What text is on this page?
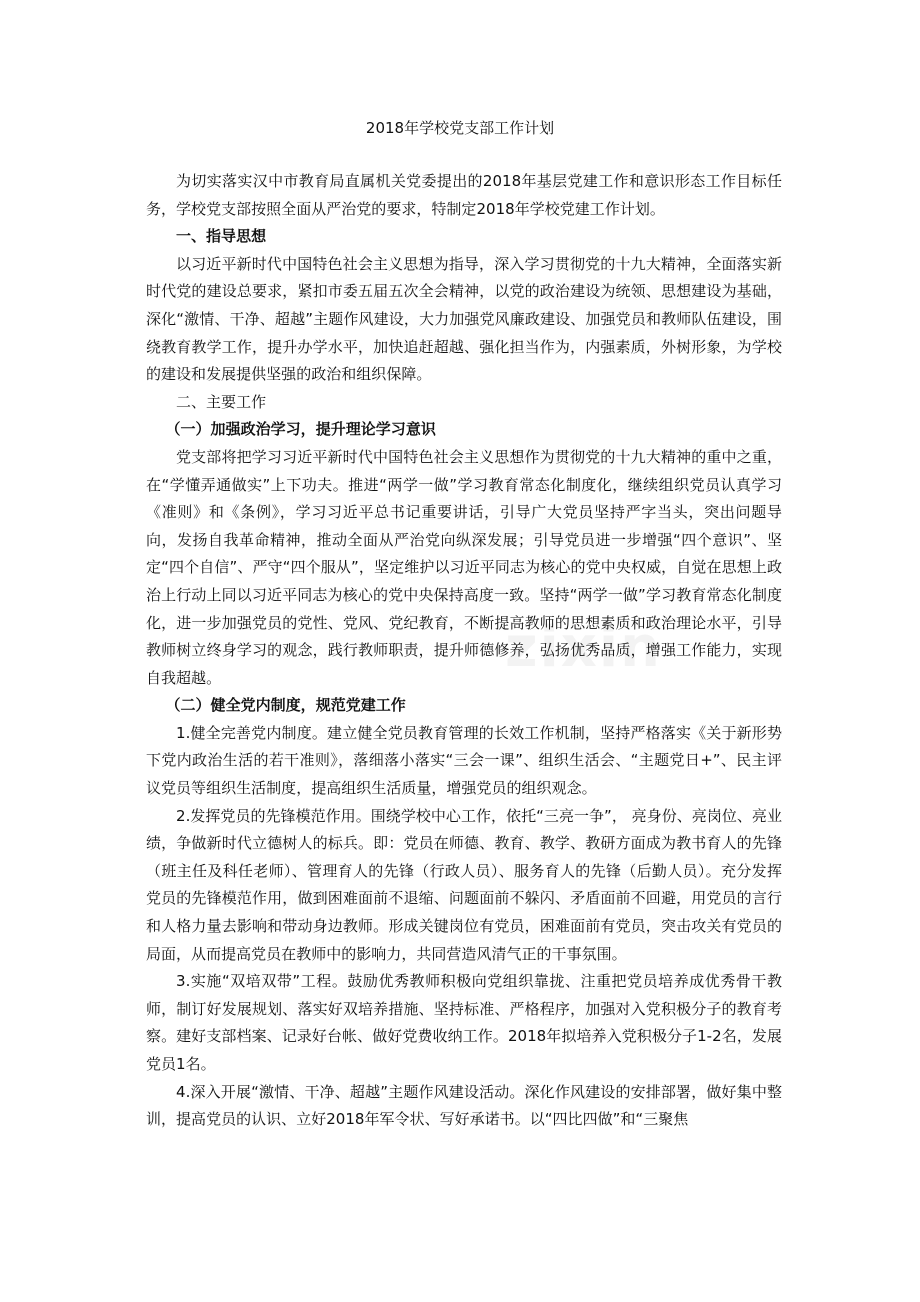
zixin
2018年学校党支部工作计划

为切实落实汉中市教育局直属机关党委提出的2018年基层党建工作和意识形态工作目标任务，学校党支部按照全面从严治党的要求，特制定2018年学校党建工作计划。

一、指导思想

以习近平新时代中国特色社会主义思想为指导，深入学习贯彻党的十九大精神，全面落实新时代党的建设总要求，紧扣市委五届五次全会精神，以党的政治建设为统领、思想建设为基础，深化“激情、干净、超越”主题作风建设，大力加强党风廉政建设、加强党员和教师队伍建设，围绕教育教学工作，提升办学水平，加快追赶超越、强化担当作为，内强素质，外树形象，为学校的建设和发展提供坚强的政治和组织保障。

二、主要工作

（一）加强政治学习，提升理论学习意识

党支部将把学习习近平新时代中国特色社会主义思想作为贯彻党的十九大精神的重中之重，在“学懂弄通做实”上下功夫。推进“两学一做”学习教育常态化制度化，继续组织党员认真学习《准则》和《条例》，学习习近平总书记重要讲话，引导广大党员坚持严字当头，突出问题导向，发扬自我革命精神，推动全面从严治党向纵深发展；引导党员进一步增强“四个意识”、坚定“四个自信”、严守“四个服从”，坚定维护以习近平同志为核心的党中央权威，自觉在思想上政治上行动上同以习近平同志为核心的党中央保持高度一致。坚持“两学一做”学习教育常态化制度化，进一步加强党员的党性、党风、党纪教育，不断提高教师的思想素质和政治理论水平，引导教师树立终身学习的观念，践行教师职责，提升师德修养，弘扬优秀品质，增强工作能力，实现自我超越。

（二）健全党内制度，规范党建工作

1.健全完善党内制度。建立健全党员教育管理的长效工作机制，坚持严格落实《关于新形势下党内政治生活的若干准则》，落细落小落实“三会一课”、组织生活会、“主题党日+”、民主评议党员等组织生活制度，提高组织生活质量，增强党员的组织观念。

2.发挥党员的先锋模范作用。围绕学校中心工作，依托“三亮一争”， 亮身份、亮岗位、亮业绩，争做新时代立德树人的标兵。即：党员在师德、教育、教学、教研方面成为教书育人的先锋（班主任及科任老师）、管理育人的先锋（行政人员）、服务育人的先锋（后勤人员）。充分发挥党员的先锋模范作用，做到困难面前不退缩、问题面前不躲闪、矛盾面前不回避，用党员的言行和人格力量去影响和带动身边教师。形成关键岗位有党员，困难面前有党员，突击攻关有党员的局面，从而提高党员在教师中的影响力，共同营造风清气正的干事氛围。

3.实施“双培双带”工程。鼓励优秀教师积极向党组织靠拢、注重把党员培养成优秀骨干教师，制订好发展规划、落实好双培养措施、坚持标准、严格程序，加强对入党积极分子的教育考察。建好支部档案、记录好台帐、做好党费收纳工作。2018年拟培养入党积极分子1-2名，发展党员1名。

4.深入开展“激情、干净、超越”主题作风建设活动。深化作风建设的安排部署，做好集中整训，提高党员的认识、立好2018年军令状、写好承诺书。以“四比四做”和“三聚焦
